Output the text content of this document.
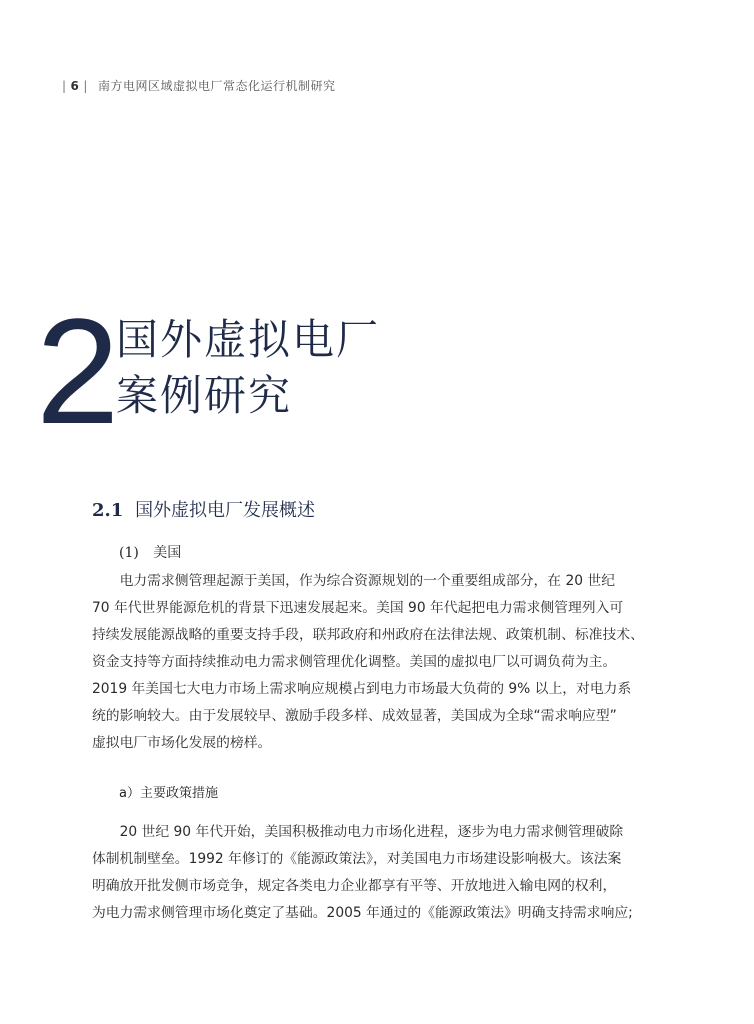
| 6 | 南方电网区域虚拟电厂常态化运行机制研究
2
国外虚拟电厂
案例研究
2.1 国外虚拟电厂发展概述
(1) 美国
　　电力需求侧管理起源于美国，作为综合资源规划的一个重要组成部分，在 20 世纪
70 年代世界能源危机的背景下迅速发展起来。美国 90 年代起把电力需求侧管理列入可
持续发展能源战略的重要支持手段，联邦政府和州政府在法律法规、政策机制、标准技术、
资金支持等方面持续推动电力需求侧管理优化调整。美国的虚拟电厂以可调负荷为主。
2019 年美国七大电力市场上需求响应规模占到电力市场最大负荷的 9% 以上，对电力系
统的影响较大。由于发展较早、激励手段多样、成效显著，美国成为全球“需求响应型”
虚拟电厂市场化发展的榜样。
a）主要政策措施
　　20 世纪 90 年代开始，美国积极推动电力市场化进程，逐步为电力需求侧管理破除
体制机制壁垒。1992 年修订的《能源政策法》，对美国电力市场建设影响极大。该法案
明确放开批发侧市场竞争，规定各类电力企业都享有平等、开放地进入输电网的权利，
为电力需求侧管理市场化奠定了基础。2005 年通过的《能源政策法》明确支持需求响应;
